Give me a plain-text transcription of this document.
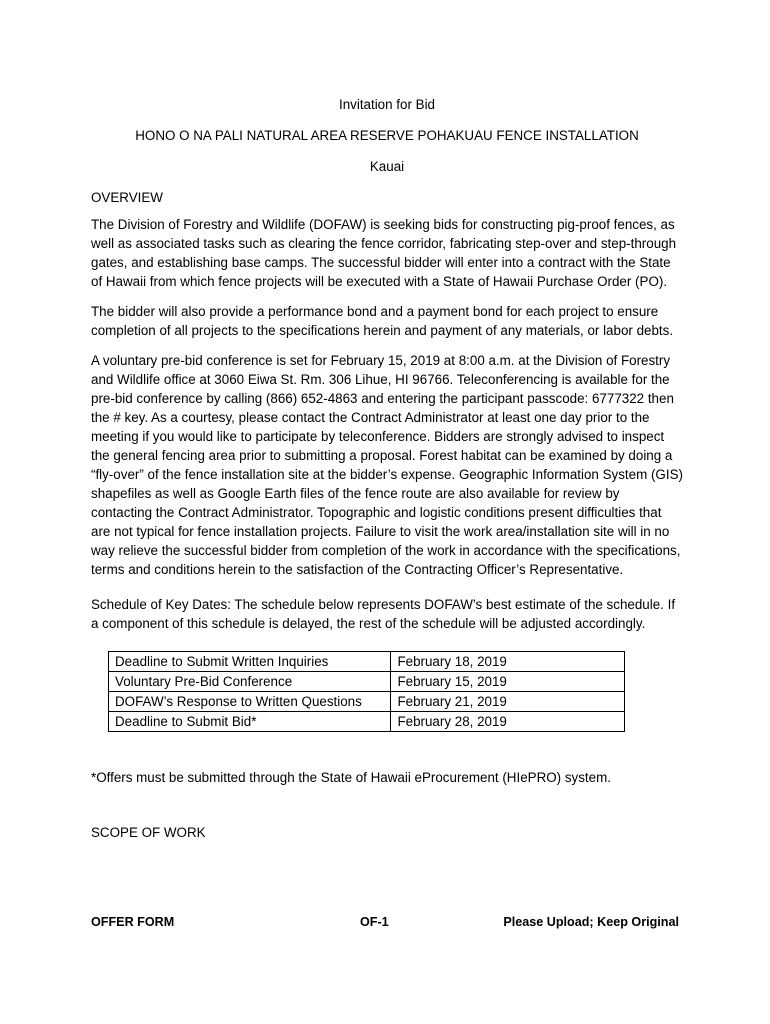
Invitation for Bid

HONO O NA PALI NATURAL AREA RESERVE POHAKUAU FENCE INSTALLATION

Kauai

OVERVIEW

The Division of Forestry and Wildlife (DOFAW) is seeking bids for constructing pig-proof fences, as well as associated tasks such as clearing the fence corridor, fabricating step-over and step-through gates, and establishing base camps. The successful bidder will enter into a contract with the State of Hawaii from which fence projects will be executed with a State of Hawaii Purchase Order (PO).

The bidder will also provide a performance bond and a payment bond for each project to ensure completion of all projects to the specifications herein and payment of any materials, or labor debts.

A voluntary pre-bid conference is set for February 15, 2019 at 8:00 a.m. at the Division of Forestry and Wildlife office at 3060 Eiwa St. Rm. 306 Lihue, HI 96766. Teleconferencing is available for the pre-bid conference by calling (866) 652-4863 and entering the participant passcode: 6777322 then the # key. As a courtesy, please contact the Contract Administrator at least one day prior to the meeting if you would like to participate by teleconference. Bidders are strongly advised to inspect the general fencing area prior to submitting a proposal. Forest habitat can be examined by doing a “fly-over” of the fence installation site at the bidder’s expense. Geographic Information System (GIS) shapefiles as well as Google Earth files of the fence route are also available for review by contacting the Contract Administrator. Topographic and logistic conditions present difficulties that are not typical for fence installation projects. Failure to visit the work area/installation site will in no way relieve the successful bidder from completion of the work in accordance with the specifications, terms and conditions herein to the satisfaction of the Contracting Officer’s Representative.

Schedule of Key Dates: The schedule below represents DOFAW’s best estimate of the schedule. If a component of this schedule is delayed, the rest of the schedule will be adjusted accordingly.

Deadline to Submit Written Inquiries	February 18, 2019
Voluntary Pre-Bid Conference	February 15, 2019
DOFAW’s Response to Written Questions	February 21, 2019
Deadline to Submit Bid*	February 28, 2019

*Offers must be submitted through the State of Hawaii eProcurement (HIePRO) system.

SCOPE OF WORK

OFFER FORM	OF-1	Please Upload; Keep Original
